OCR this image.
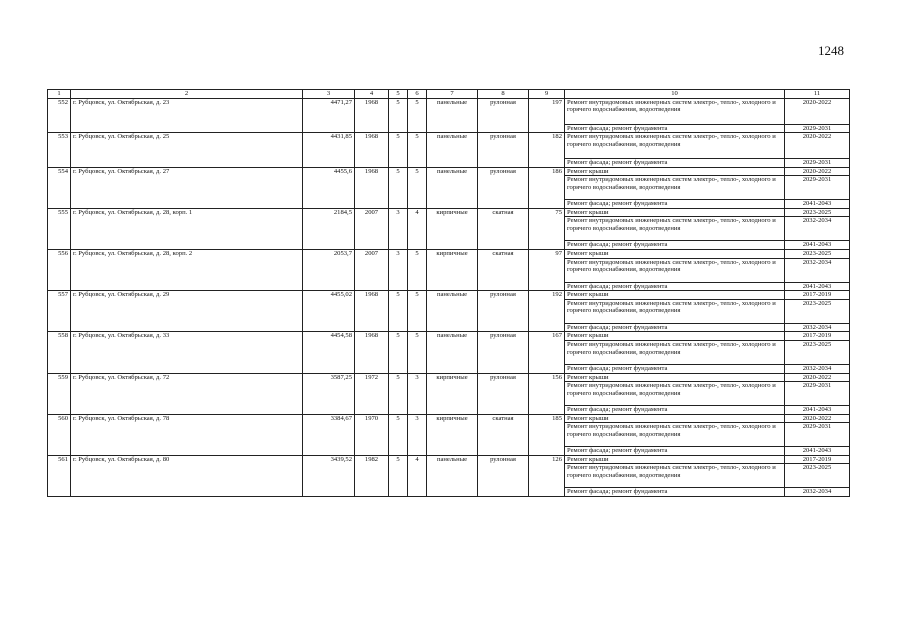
1248
1	2	3	4	5	6	7	8	9	10	11
552	г. Рубцовск, ул. Октябрьская, д. 23	4471,27	1968	5	5	панельные	рулонная	197	Ремонт внутридомовых инженерных систем электро-, тепло-, холодного и горячего водоснабжения, водоотведения	2020-2022
									Ремонт фасада; ремонт фундамента	2029-2031
553	г. Рубцовск, ул. Октябрьская, д. 25	4431,85	1968	5	5	панельные	рулонная	182	Ремонт внутридомовых инженерных систем электро-, тепло-, холодного и горячего водоснабжения, водоотведения	2020-2022
									Ремонт фасада; ремонт фундамента	2029-2031
554	г. Рубцовск, ул. Октябрьская, д. 27	4455,6	1968	5	5	панельные	рулонная	186	Ремонт крыши	2020-2022
									Ремонт внутридомовых инженерных систем электро-, тепло-, холодного и горячего водоснабжения, водоотведения	2029-2031
									Ремонт фасада; ремонт фундамента	2041-2043
555	г. Рубцовск, ул. Октябрьская, д. 28, корп. 1	2184,5	2007	3	4	кирпичные	скатная	75	Ремонт крыши	2023-2025
									Ремонт внутридомовых инженерных систем электро-, тепло-, холодного и горячего водоснабжения, водоотведения	2032-2034
									Ремонт фасада; ремонт фундамента	2041-2043
556	г. Рубцовск, ул. Октябрьская, д. 28, корп. 2	2053,7	2007	3	5	кирпичные	скатная	97	Ремонт крыши	2023-2025
									Ремонт внутридомовых инженерных систем электро-, тепло-, холодного и горячего водоснабжения, водоотведения	2032-2034
									Ремонт фасада; ремонт фундамента	2041-2043
557	г. Рубцовск, ул. Октябрьская, д. 29	4455,02	1968	5	5	панельные	рулонная	192	Ремонт крыши	2017-2019
									Ремонт внутридомовых инженерных систем электро-, тепло-, холодного и горячего водоснабжения, водоотведения	2023-2025
									Ремонт фасада; ремонт фундамента	2032-2034
558	г. Рубцовск, ул. Октябрьская, д. 33	4454,58	1968	5	5	панельные	рулонная	167	Ремонт крыши	2017-2019
									Ремонт внутридомовых инженерных систем электро-, тепло-, холодного и горячего водоснабжения, водоотведения	2023-2025
									Ремонт фасада; ремонт фундамента	2032-2034
559	г. Рубцовск, ул. Октябрьская, д. 72	3587,25	1972	5	3	кирпичные	рулонная	156	Ремонт крыши	2020-2022
									Ремонт внутридомовых инженерных систем электро-, тепло-, холодного и горячего водоснабжения, водоотведения	2029-2031
									Ремонт фасада; ремонт фундамента	2041-2043
560	г. Рубцовск, ул. Октябрьская, д. 78	3384,67	1970	5	3	кирпичные	скатная	185	Ремонт крыши	2020-2022
									Ремонт внутридомовых инженерных систем электро-, тепло-, холодного и горячего водоснабжения, водоотведения	2029-2031
									Ремонт фасада; ремонт фундамента	2041-2043
561	г. Рубцовск, ул. Октябрьская, д. 80	3439,52	1982	5	4	панельные	рулонная	126	Ремонт крыши	2017-2019
									Ремонт внутридомовых инженерных систем электро-, тепло-, холодного и горячего водоснабжения, водоотведения	2023-2025
									Ремонт фасада; ремонт фундамента	2032-2034
